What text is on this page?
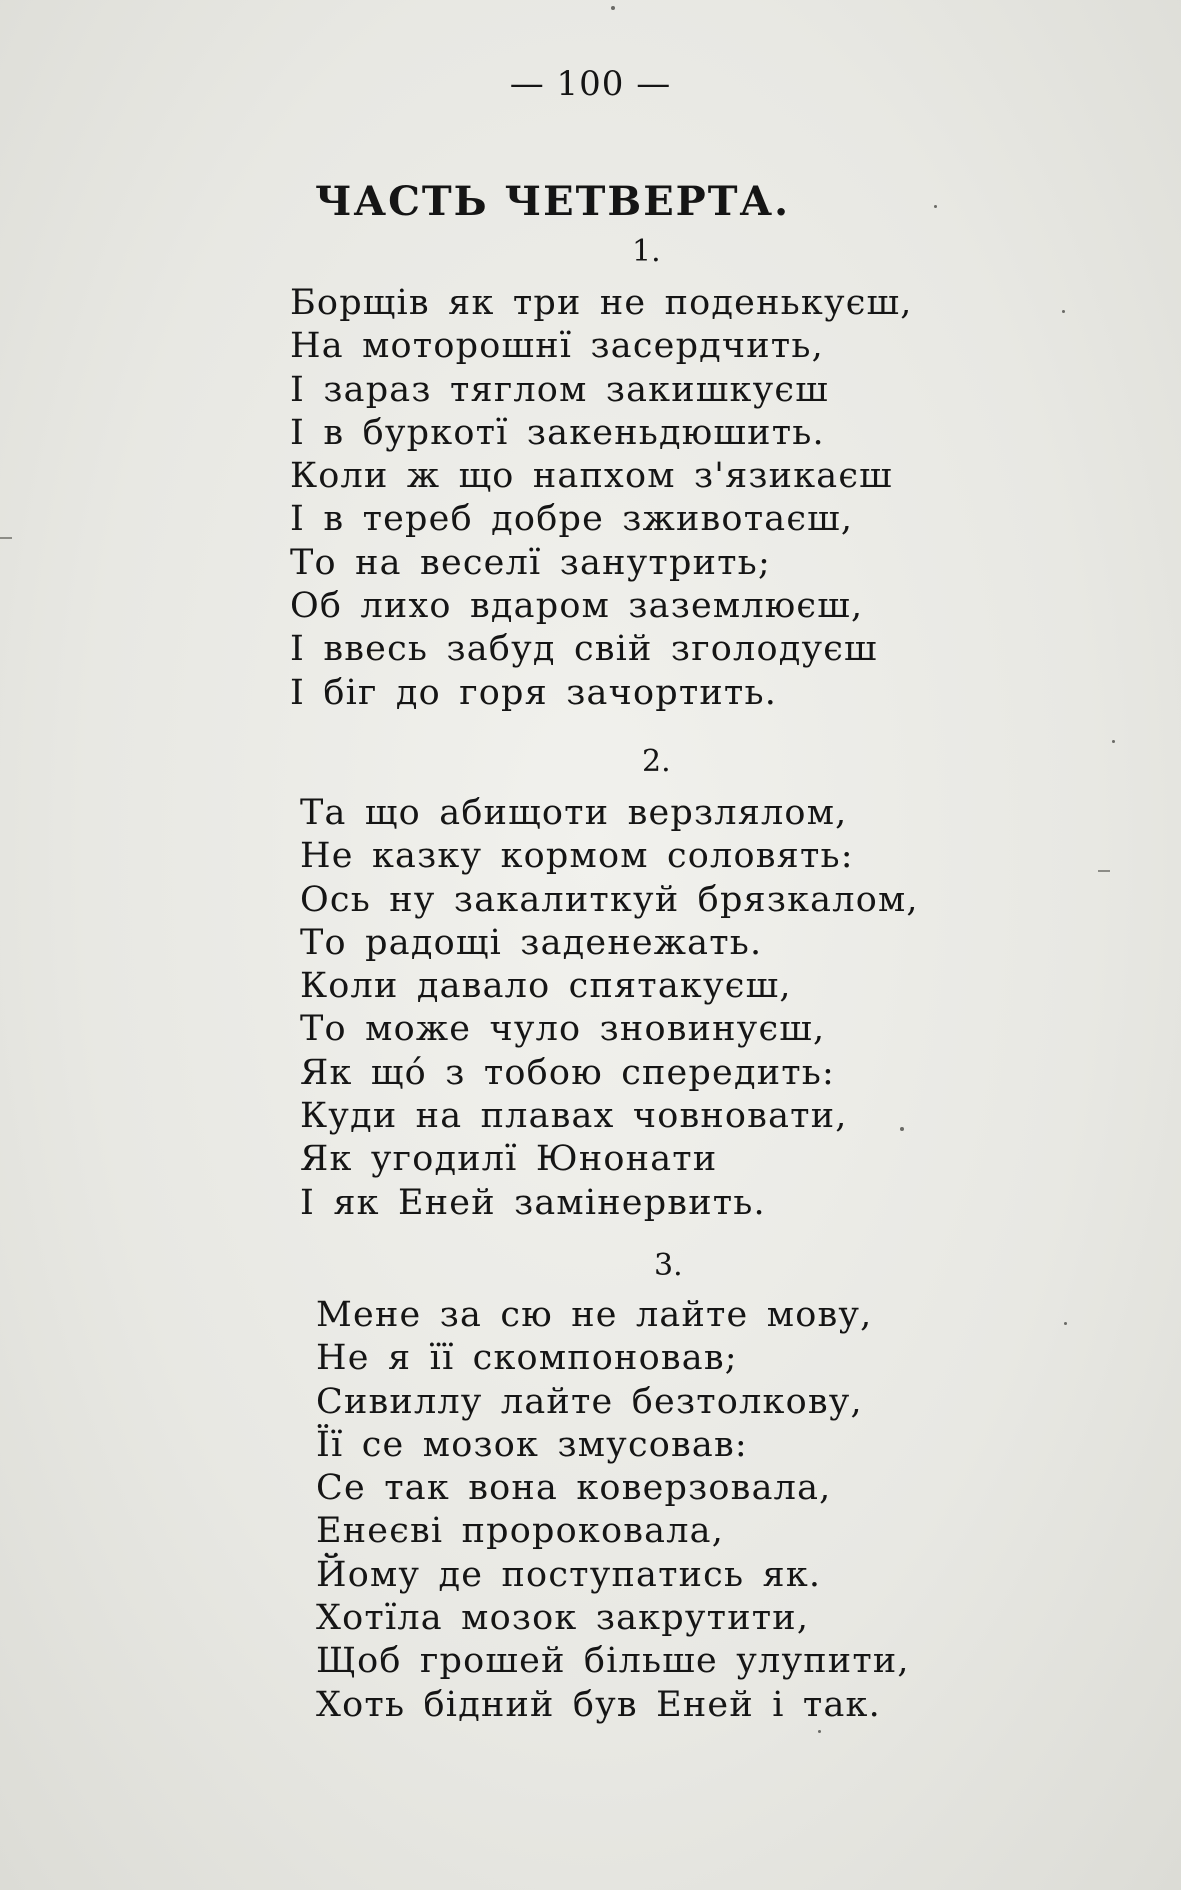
— 100 —
ЧАСТЬ ЧЕТВЕРТА.
1.
Борщів як три не поденькуєш,
На моторошнї засердчить,
І зараз тяглом закишкуєш
І в буркотї закеньдюшить.
Коли ж що напхом з'язикаєш
І в тереб добре зживотаєш,
То на веселї занутрить;
Об лихо вдаром заземлюєш,
І ввесь забуд свій зголодуєш
І біг до горя зачортить.
2.
Та що абищоти верзлялом,
Не казку кормом соловять:
Ось ну закалиткуй брязкалом,
То радощі заденежать.
Коли давало спятакуєш,
То може чуло зновинуєш,
Як щó з тобою спередить:
Куди на плавах човновати,
Як угодилї Юнонати
І як Еней замінервить.
3.
Мене за сю не лайте мову,
Не я її скомпоновав;
Сивиллу лайте безтолкову,
Її се мозок змусовав:
Се так вона коверзовала,
Енеєві пророковала,
Йому де поступатись як.
Хотїла мозок закрутити,
Щоб грошей більше улупити,
Хоть бідний був Еней і так.
